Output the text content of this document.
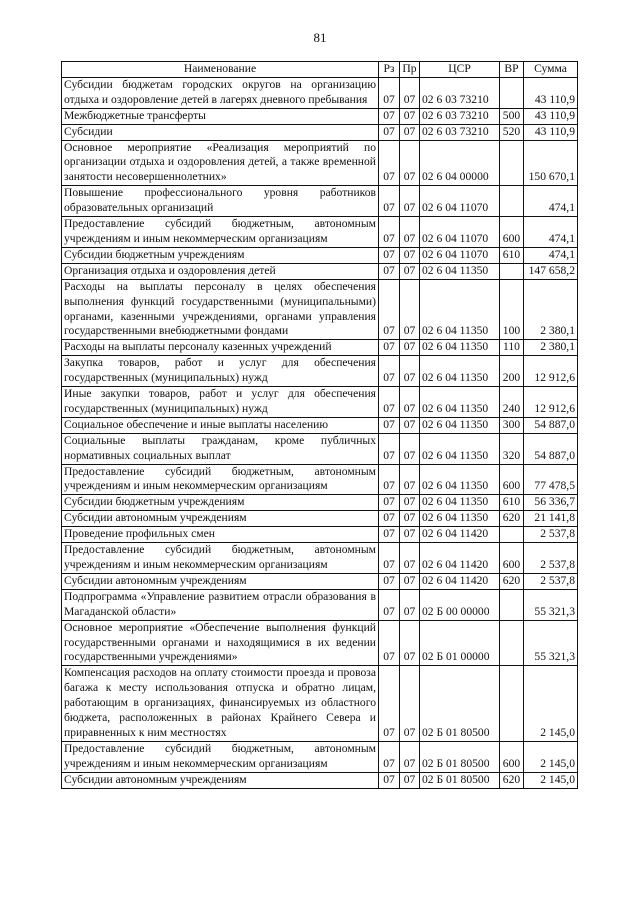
81
Наименование	Рз	Пр	ЦСР	ВР	Сумма
Субсидии бюджетам городских округов на организацию отдыха и оздоровление детей в лагерях дневного пребывания	07	07	02 6 03 73210		43 110,9
Межбюджетные трансферты	07	07	02 6 03 73210	500	43 110,9
Субсидии	07	07	02 6 03 73210	520	43 110,9
Основное мероприятие «Реализация мероприятий по организации отдыха и оздоровления детей, а также временной занятости несовершеннолетних»	07	07	02 6 04 00000		150 670,1
Повышение профессионального уровня работников образовательных организаций	07	07	02 6 04 11070		474,1
Предоставление субсидий бюджетным, автономным учреждениям и иным некоммерческим организациям	07	07	02 6 04 11070	600	474,1
Субсидии бюджетным учреждениям	07	07	02 6 04 11070	610	474,1
Организация отдыха и оздоровления детей	07	07	02 6 04 11350		147 658,2
Расходы на выплаты персоналу в целях обеспечения выполнения функций государственными (муниципальными) органами, казенными учреждениями, органами управления государственными внебюджетными фондами	07	07	02 6 04 11350	100	2 380,1
Расходы на выплаты персоналу казенных учреждений	07	07	02 6 04 11350	110	2 380,1
Закупка товаров, работ и услуг для обеспечения государственных (муниципальных) нужд	07	07	02 6 04 11350	200	12 912,6
Иные закупки товаров, работ и услуг для обеспечения государственных (муниципальных) нужд	07	07	02 6 04 11350	240	12 912,6
Социальное обеспечение и иные выплаты населению	07	07	02 6 04 11350	300	54 887,0
Социальные выплаты гражданам, кроме публичных нормативных социальных выплат	07	07	02 6 04 11350	320	54 887,0
Предоставление субсидий бюджетным, автономным учреждениям и иным некоммерческим организациям	07	07	02 6 04 11350	600	77 478,5
Субсидии бюджетным учреждениям	07	07	02 6 04 11350	610	56 336,7
Субсидии автономным учреждениям	07	07	02 6 04 11350	620	21 141,8
Проведение профильных смен	07	07	02 6 04 11420		2 537,8
Предоставление субсидий бюджетным, автономным учреждениям и иным некоммерческим организациям	07	07	02 6 04 11420	600	2 537,8
Субсидии автономным учреждениям	07	07	02 6 04 11420	620	2 537,8
Подпрограмма «Управление развитием отрасли образования в Магаданской области»	07	07	02 Б 00 00000		55 321,3
Основное мероприятие «Обеспечение выполнения функций государственными органами и находящимися в их ведении государственными учреждениями»	07	07	02 Б 01 00000		55 321,3
Компенсация расходов на оплату стоимости проезда и провоза багажа к месту использования отпуска и обратно лицам, работающим в организациях, финансируемых из областного бюджета, расположенных в районах Крайнего Севера и приравненных к ним местностях	07	07	02 Б 01 80500		2 145,0
Предоставление субсидий бюджетным, автономным учреждениям и иным некоммерческим организациям	07	07	02 Б 01 80500	600	2 145,0
Субсидии автономным учреждениям	07	07	02 Б 01 80500	620	2 145,0
